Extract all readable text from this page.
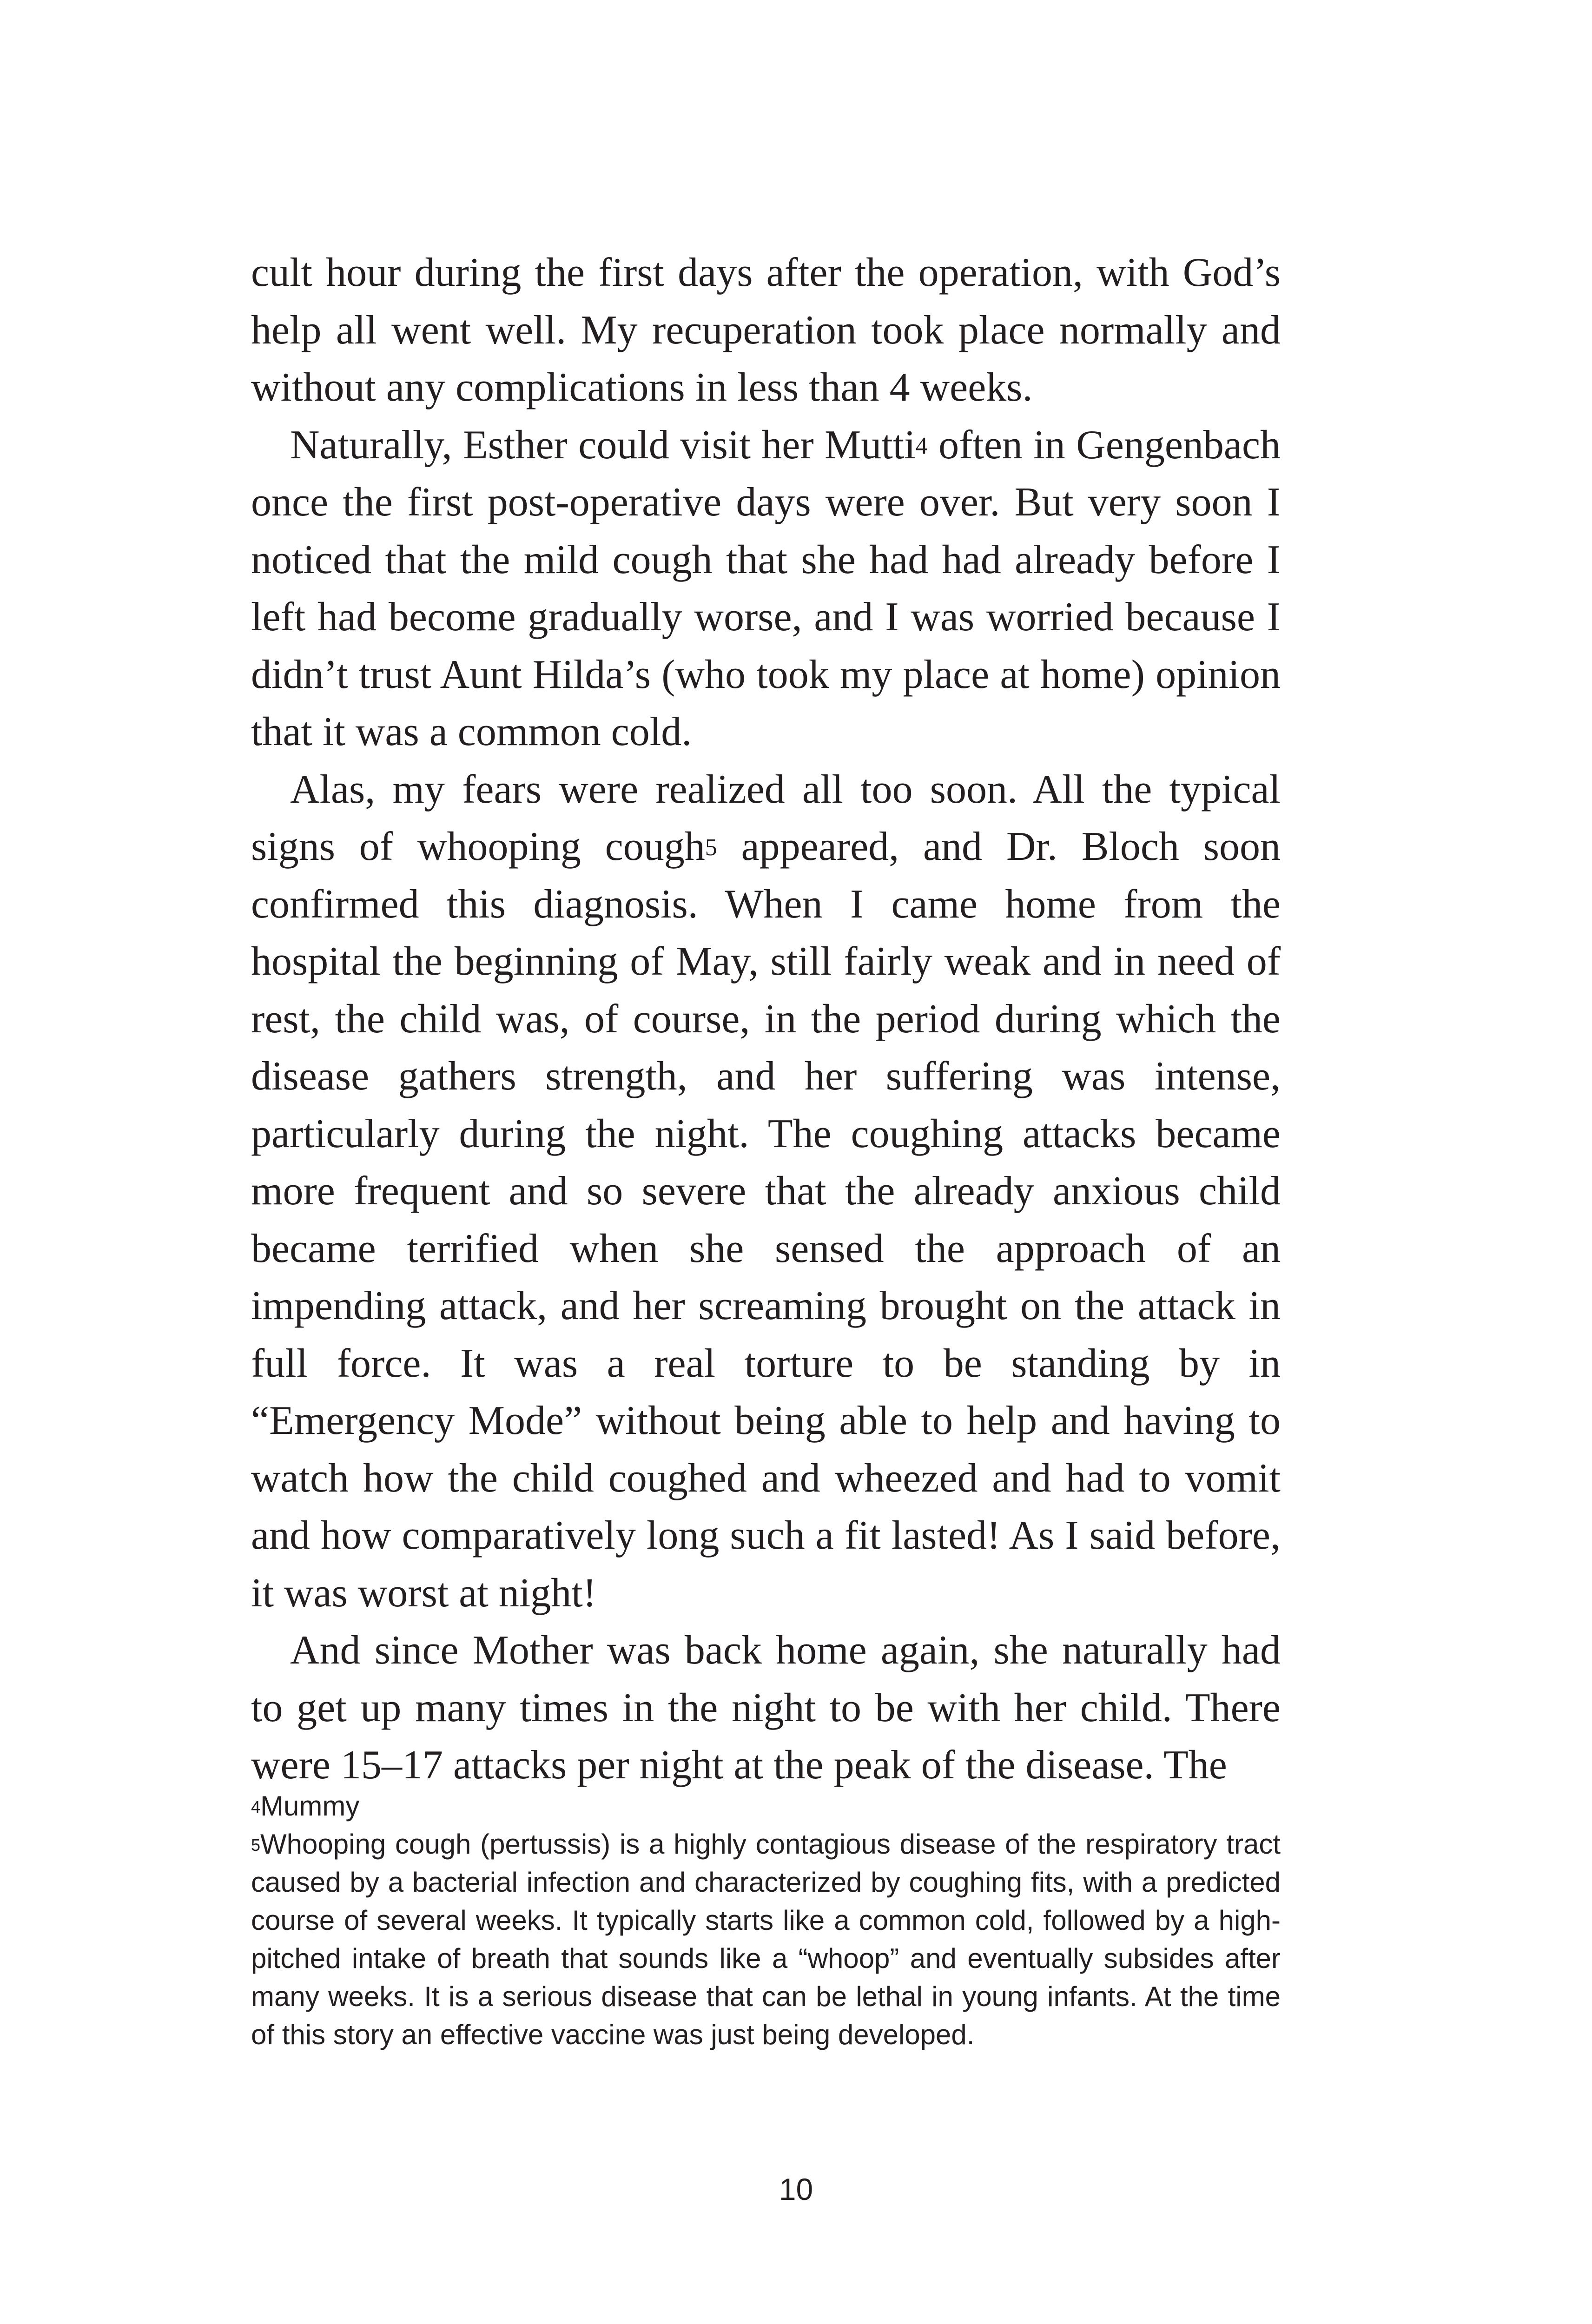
cult hour during the first days after the operation, with God’s help all went well. My recuperation took place normally and without any complications in less than 4 weeks.

Naturally, Esther could visit her Mutti$^4$ often in Gengenbach once the first post-operative days were over. But very soon I noticed that the mild cough that she had had already before I left had become gradually worse, and I was worried because I didn’t trust Aunt Hilda’s (who took my place at home) opinion that it was a common cold.

Alas, my fears were realized all too soon. All the typical signs of whooping cough$^5$ appeared, and Dr. Bloch soon confirmed this diagnosis. When I came home from the hospital the beginning of May, still fairly weak and in need of rest, the child was, of course, in the period during which the disease gathers strength, and her suffering was intense, particularly during the night. The coughing attacks became more frequent and so severe that the already anxious child became terrified when she sensed the approach of an impending attack, and her screaming brought on the attack in full force. It was a real torture to be standing by in “Emergency Mode” without being able to help and having to watch how the child coughed and wheezed and had to vomit and how comparatively long such a fit lasted! As I said before, it was worst at night!

And since Mother was back home again, she naturally had to get up many times in the night to be with her child. There were 15–17 attacks per night at the peak of the disease. The

$^4$Mummy

$^5$Whooping cough (pertussis) is a highly contagious disease of the respiratory tract caused by a bacterial infection and characterized by coughing fits, with a predicted course of several weeks. It typically starts like a common cold, followed by a high-pitched intake of breath that sounds like a “whoop” and eventually subsides after many weeks. It is a serious disease that can be lethal in young infants. At the time of this story an effective vaccine was just being developed.

10
